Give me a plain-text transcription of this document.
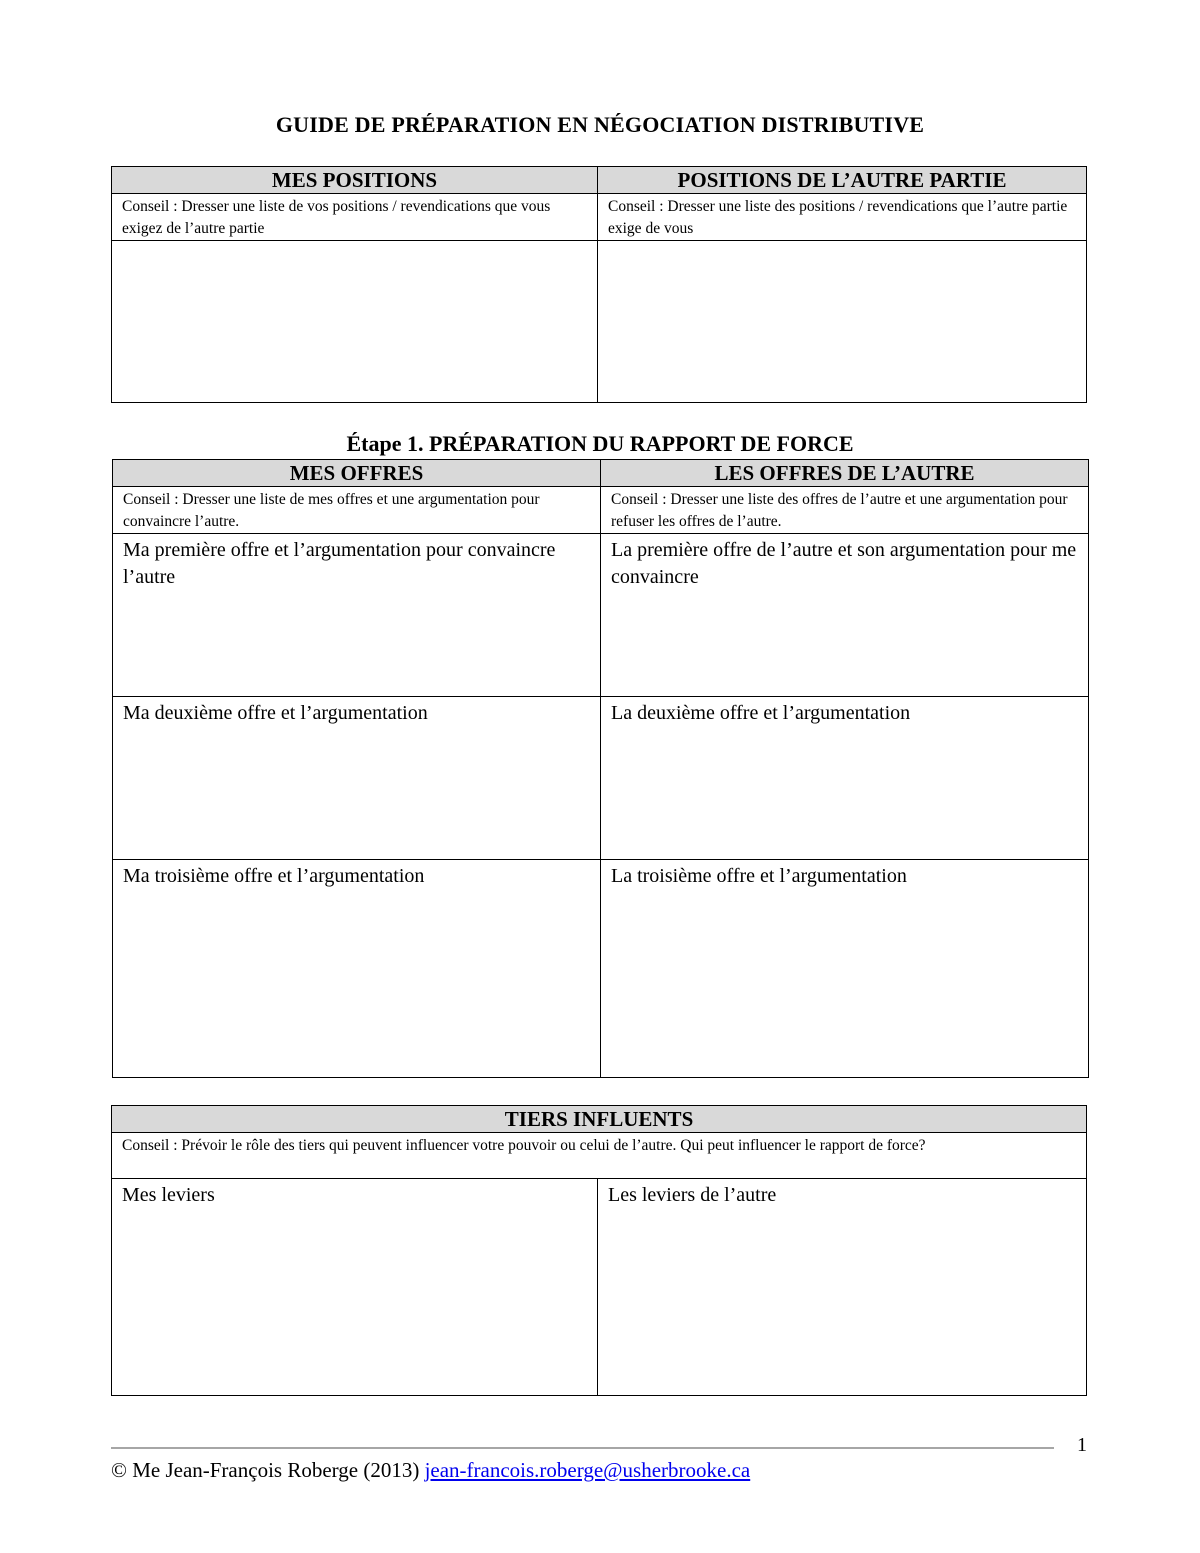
GUIDE DE PRÉPARATION EN NÉGOCIATION DISTRIBUTIVE
MES POSITIONS	POSITIONS DE L’AUTRE PARTIE

Conseil : Dresser une liste de vos positions / revendications que vous exigez de l’autre partie	Conseil : Dresser une liste des positions / revendications que l’autre partie exige de vous

Étape 1. PRÉPARATION DU RAPPORT DE FORCE
MES OFFRES	LES OFFRES DE L’AUTRE

Conseil : Dresser une liste de mes offres et une argumentation pour convaincre l’autre.	Conseil : Dresser une liste des offres de l’autre et une argumentation pour refuser les offres de l’autre.

Ma première offre et l’argumentation pour convaincre l’autre	La première offre de l’autre et son argumentation pour me convaincre

Ma deuxième offre et l’argumentation	La deuxième offre et l’argumentation

Ma troisième offre et l’argumentation	La troisième offre et l’argumentation
TIERS INFLUENTS

Conseil : Prévoir le rôle des tiers qui peuvent influencer votre pouvoir ou celui de l’autre. Qui peut influencer le rapport de force?

Mes leviers	Les leviers de l’autre
1
© Me Jean-François Roberge (2013) jean-francois.roberge@usherbrooke.ca
